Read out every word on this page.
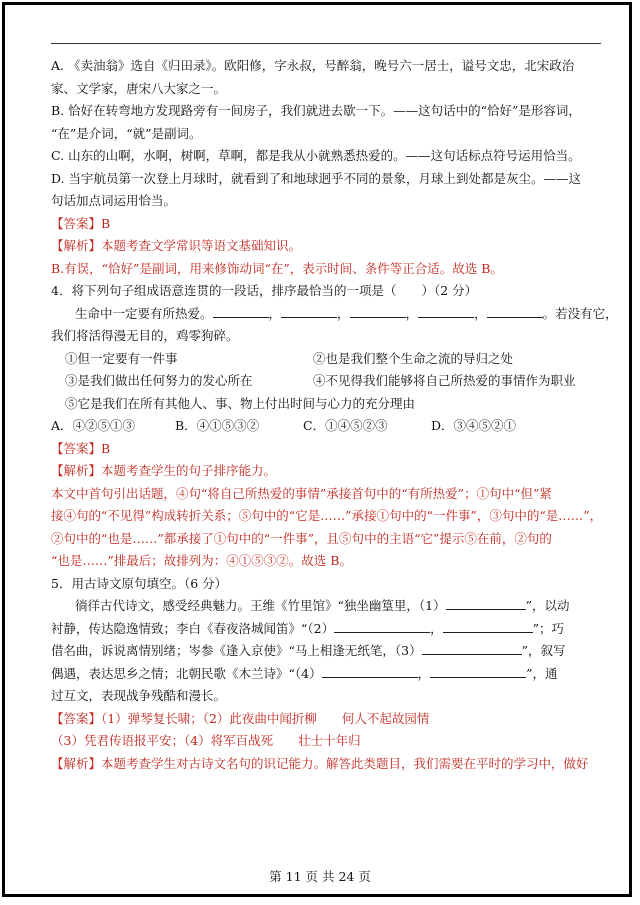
A. 《卖油翁》选自《归田录》。欧阳修，字永叔，号醉翁，晚号六一居士，谥号文忠，北宋政治
家、文学家，唐宋八大家之一。
B. 恰好在转弯地方发现路旁有一间房子，我们就进去歇一下。——这句话中的“恰好”是形容词，
“在”是介词，“就”是副词。
C. 山东的山啊，水啊，树啊，草啊，都是我从小就熟悉热爱的。——这句话标点符号运用恰当。
D. 当宇航员第一次登上月球时，就看到了和地球迥乎不同的景象，月球上到处都是灰尘。——这
句话加点词运用恰当。
【答案】B
【解析】本题考查文学常识等语文基础知识。
B.有误，“恰好”是副词，用来修饰动词“在”，表示时间、条件等正合适。故选 B。
4．将下列句子组成语意连贯的一段话，排序最恰当的一项是（　　）（2 分）
生命中一定要有所热爱。	，	，	，	，	。若没有它，
我们将活得漫无目的，鸡零狗碎。
①但一定要有一件事	②也是我们整个生命之流的导归之处
③是我们做出任何努力的发心所在	④不见得我们能够将自己所热爱的事情作为职业
⑤它是我们在所有其他人、事、物上付出时间与心力的充分理由
A．④②⑤①③	B．④①⑤③②	C．①④⑤②③	D．③④⑤②①
【答案】B
【解析】本题考查学生的句子排序能力。
本文中首句引出话题，④句“将自己所热爱的事情”承接首句中的“有所热爱”；①句中“但”紧
接④句的“不见得”构成转折关系；⑤句中的“它是……”承接①句中的“一件事”，③句中的“是……”，
②句中的“也是……”都承接了①句中的“一件事”，且⑤句中的主语“它”提示⑤在前，②句的
“也是……”排最后；故排列为：④①⑤③②。故选 B。
5．用古诗文原句填空。（6 分）
徜徉古代诗文，感受经典魅力。王维《竹里馆》“独坐幽篁里，（1）	”，以动
衬静，传达隐逸情致；李白《春夜洛城闻笛》“（2）	，	”；巧
借名曲，诉说离情别绪；岑参《逢入京使》“马上相逢无纸笔，（3）	”，叙写
偶遇，表达思乡之情；北朝民歌《木兰诗》“（4）	，	”，通
过互文，表现战争残酷和漫长。
【答案】（1）弹琴复长啸；（2）此夜曲中闻折柳　　何人不起故园情
（3）凭君传语报平安；（4）将军百战死　　壮士十年归
【解析】本题考查学生对古诗文名句的识记能力。解答此类题目，我们需要在平时的学习中，做好
第 11 页 共 24 页
